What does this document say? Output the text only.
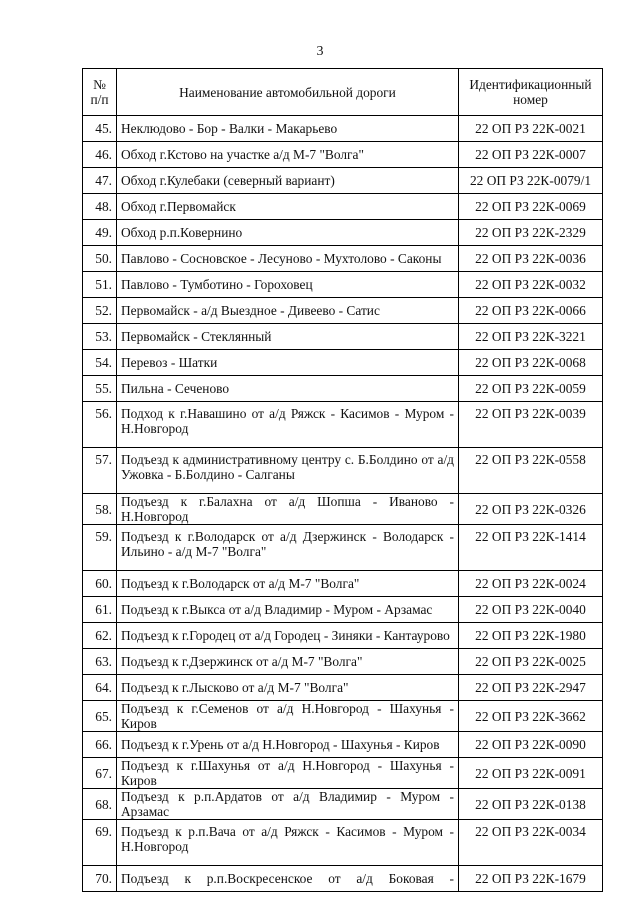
3
№ п/п	Наименование автомобильной дороги	Идентификационный номер
45.	Неклюдово - Бор - Валки - Макарьево	22 ОП РЗ 22К-0021
46.	Обход г.Кстово на участке а/д М-7 "Волга"	22 ОП РЗ 22К-0007
47.	Обход г.Кулебаки (северный вариант)	22 ОП РЗ 22К-0079/1
48.	Обход г.Первомайск	22 ОП РЗ 22К-0069
49.	Обход р.п.Ковернино	22 ОП РЗ 22К-2329
50.	Павлово - Сосновское - Лесуново - Мухтолово - Саконы	22 ОП РЗ 22К-0036
51.	Павлово - Тумботино - Гороховец	22 ОП РЗ 22К-0032
52.	Первомайск - а/д Выездное - Дивеево - Сатис	22 ОП РЗ 22К-0066
53.	Первомайск - Стеклянный	22 ОП РЗ 22К-3221
54.	Перевоз - Шатки	22 ОП РЗ 22К-0068
55.	Пильна - Сеченово	22 ОП РЗ 22К-0059
56.	Подход к г.Навашино от а/д Ряжск - Касимов - Муром - Н.Новгород	22 ОП РЗ 22К-0039
57.	Подъезд к административному центру с. Б.Болдино от а/д Ужовка - Б.Болдино - Салганы	22 ОП РЗ 22К-0558
58.	Подъезд к г.Балахна от а/д Шопша - Иваново - Н.Новгород	22 ОП РЗ 22К-0326
59.	Подъезд к г.Володарск от а/д Дзержинск - Володарск - Ильино - а/д М-7 "Волга"	22 ОП РЗ 22К-1414
60.	Подъезд к г.Володарск от а/д М-7 "Волга"	22 ОП РЗ 22К-0024
61.	Подъезд к г.Выкса от а/д Владимир - Муром - Арзамас	22 ОП РЗ 22К-0040
62.	Подъезд к г.Городец от а/д Городец - Зиняки - Кантаурово	22 ОП РЗ 22К-1980
63.	Подъезд к г.Дзержинск от а/д М-7 "Волга"	22 ОП РЗ 22К-0025
64.	Подъезд к г.Лысково от а/д М-7 "Волга"	22 ОП РЗ 22К-2947
65.	Подъезд к г.Семенов от а/д Н.Новгород - Шахунья - Киров	22 ОП РЗ 22К-3662
66.	Подъезд к г.Урень от а/д Н.Новгород - Шахунья - Киров	22 ОП РЗ 22К-0090
67.	Подъезд к г.Шахунья от а/д Н.Новгород - Шахунья - Киров	22 ОП РЗ 22К-0091
68.	Подъезд к р.п.Ардатов от а/д Владимир - Муром - Арзамас	22 ОП РЗ 22К-0138
69.	Подъезд к р.п.Вача от а/д Ряжск - Касимов - Муром - Н.Новгород	22 ОП РЗ 22К-0034
70.	Подъезд к р.п.Воскресенское от а/д Боковая -	22 ОП РЗ 22К-1679
